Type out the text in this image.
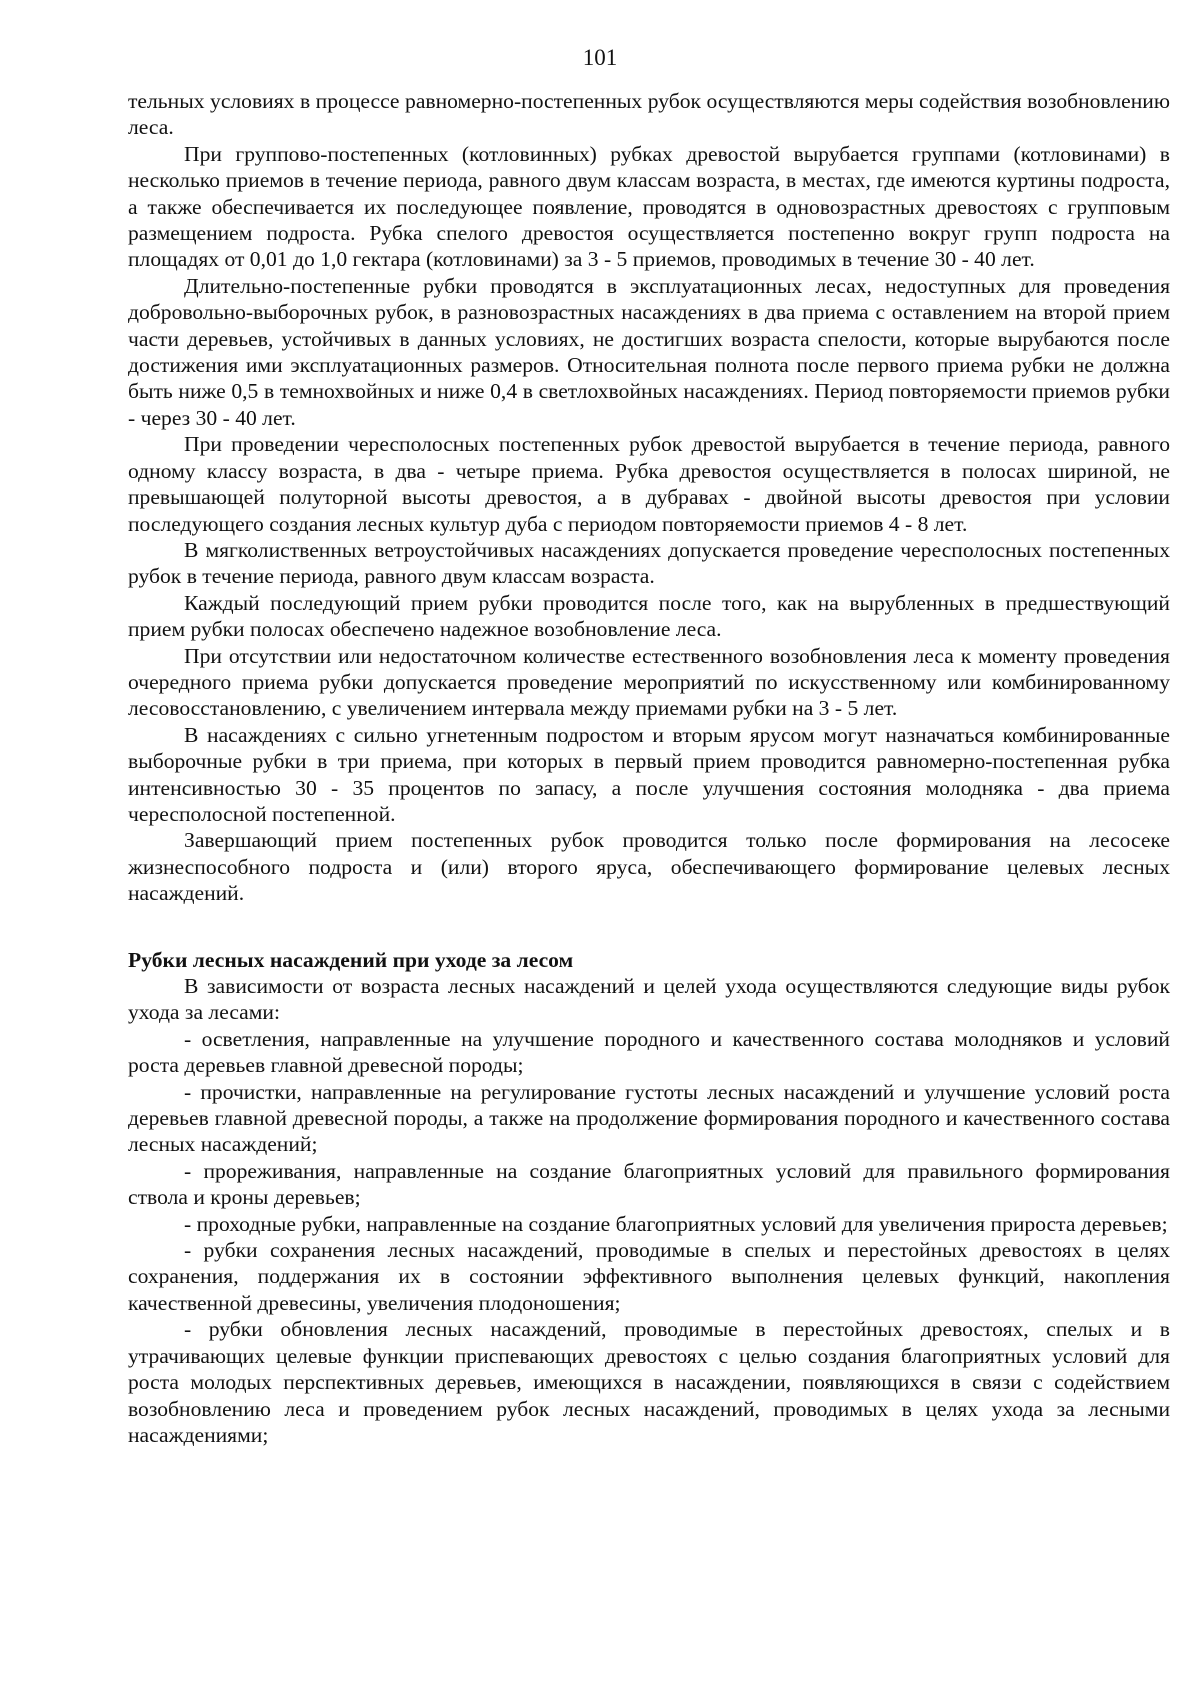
101

тельных условиях в процессе равномерно-постепенных рубок осуществляются меры содействия возобновлению леса.

При группово-постепенных (котловинных) рубках древостой вырубается группами (котловинами) в несколько приемов в течение периода, равного двум классам возраста, в местах, где имеются куртины подроста, а также обеспечивается их последующее появление, проводятся в одновозрастных древостоях с групповым размещением подроста. Рубка спелого древостоя осуществляется постепенно вокруг групп подроста на площадях от 0,01 до 1,0 гектара (котловинами) за 3 - 5 приемов, проводимых в течение 30 - 40 лет.

Длительно-постепенные рубки проводятся в эксплуатационных лесах, недоступных для проведения добровольно-выборочных рубок, в разновозрастных насаждениях в два приема с оставлением на второй прием части деревьев, устойчивых в данных условиях, не достигших возраста спелости, которые вырубаются после достижения ими эксплуатационных размеров. Относительная полнота после первого приема рубки не должна быть ниже 0,5 в темнохвойных и ниже 0,4 в светлохвойных насаждениях. Период повторяемости приемов рубки - через 30 - 40 лет.

При проведении чересполосных постепенных рубок древостой вырубается в течение периода, равного одному классу возраста, в два - четыре приема. Рубка древостоя осуществляется в полосах шириной, не превышающей полуторной высоты древостоя, а в дубравах - двойной высоты древостоя при условии последующего создания лесных культур дуба с периодом повторяемости приемов 4 - 8 лет.

В мягколиственных ветроустойчивых насаждениях допускается проведение чересполосных постепенных рубок в течение периода, равного двум классам возраста.

Каждый последующий прием рубки проводится после того, как на вырубленных в предшествующий прием рубки полосах обеспечено надежное возобновление леса.

При отсутствии или недостаточном количестве естественного возобновления леса к моменту проведения очередного приема рубки допускается проведение мероприятий по искусственному или комбинированному лесовосстановлению, с увеличением интервала между приемами рубки на 3 - 5 лет.

В насаждениях с сильно угнетенным подростом и вторым ярусом могут назначаться комбинированные выборочные рубки в три приема, при которых в первый прием проводится равномерно-постепенная рубка интенсивностью 30 - 35 процентов по запасу, а после улучшения состояния молодняка - два приема чересполосной постепенной.

Завершающий прием постепенных рубок проводится только после формирования на лесосеке жизнеспособного подроста и (или) второго яруса, обеспечивающего формирование целевых лесных насаждений.

Рубки лесных насаждений при уходе за лесом

В зависимости от возраста лесных насаждений и целей ухода осуществляются следующие виды рубок ухода за лесами:

- осветления, направленные на улучшение породного и качественного состава молодняков и условий роста деревьев главной древесной породы;

- прочистки, направленные на регулирование густоты лесных насаждений и улучшение условий роста деревьев главной древесной породы, а также на продолжение формирования породного и качественного состава лесных насаждений;

- прореживания, направленные на создание благоприятных условий для правильного формирования ствола и кроны деревьев;

- проходные рубки, направленные на создание благоприятных условий для увеличения прироста деревьев;

- рубки сохранения лесных насаждений, проводимые в спелых и перестойных древостоях в целях сохранения, поддержания их в состоянии эффективного выполнения целевых функций, накопления качественной древесины, увеличения плодоношения;

- рубки обновления лесных насаждений, проводимые в перестойных древостоях, спелых и в утрачивающих целевые функции приспевающих древостоях с целью создания благоприятных условий для роста молодых перспективных деревьев, имеющихся в насаждении, появляющихся в связи с содействием возобновлению леса и проведением рубок лесных насаждений, проводимых в целях ухода за лесными насаждениями;
